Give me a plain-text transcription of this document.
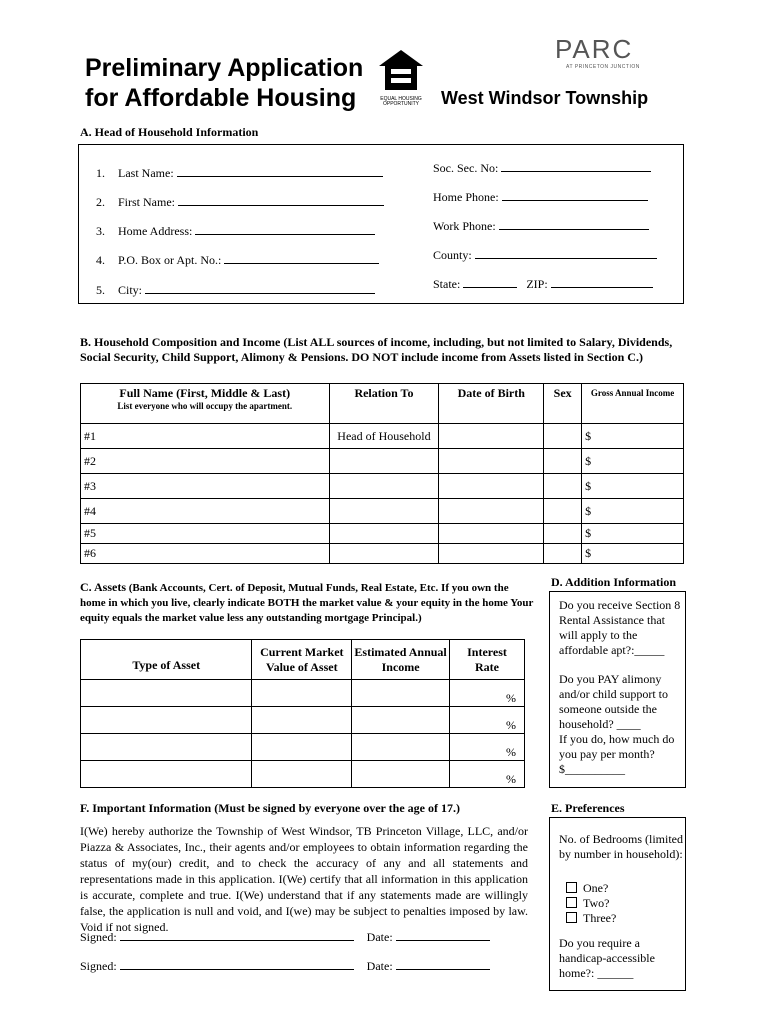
Preliminary Application
for Affordable Housing	EQUAL HOUSING OPPORTUNITY
PARC
AT PRINCETON JUNCTION
West Windsor Township
A. Head of Household Information
1. Last Name:
2. First Name:
3. Home Address:
4. P.O. Box or Apt. No.:
5. City:
Soc. Sec. No:
Home Phone:
Work Phone:
County:
State:	ZIP:
B. Household Composition and Income (List ALL sources of income, including, but not limited to Salary, Dividends, Social Security, Child Support, Alimony & Pensions. DO NOT include income from Assets listed in Section C.)
Full Name (First, Middle & Last)
List everyone who will occupy the apartment.	Relation To	Date of Birth	Sex	Gross Annual Income
#1	Head of Household			$
#2				$
#3				$
#4				$
#5				$
#6				$
C. Assets (Bank Accounts, Cert. of Deposit, Mutual Funds, Real Estate, Etc. If you own the home in which you live, clearly indicate BOTH the market value & your equity in the home Your equity equals the market value less any outstanding mortgage Principal.)
Type of Asset	Current Market Value of Asset	Estimated Annual Income	Interest Rate
			%
			%
			%
			%
D. Addition Information
Do you receive Section 8 Rental Assistance that will apply to the affordable apt?:_____
Do you PAY alimony and/or child support to someone outside the household? ____
If you do, how much do you pay per month?
$__________
F. Important Information (Must be signed by everyone over the age of 17.)
I(We) hereby authorize the Township of West Windsor, TB Princeton Village, LLC, and/or Piazza & Associates, Inc., their agents and/or employees to obtain information regarding the status of my(our) credit, and to check the accuracy of any and all statements and representations made in this application. I(We) certify that all information in this application is accurate, complete and true. I(We) understand that if any statements made are willingly false, the application is null and void, and I(we) may be subject to penalties imposed by law. Void if not signed.
Signed:	Date:
Signed:	Date:
E. Preferences
No. of Bedrooms (limited by number in household):
One?
Two?
Three?
Do you require a handicap-accessible home?: ______
